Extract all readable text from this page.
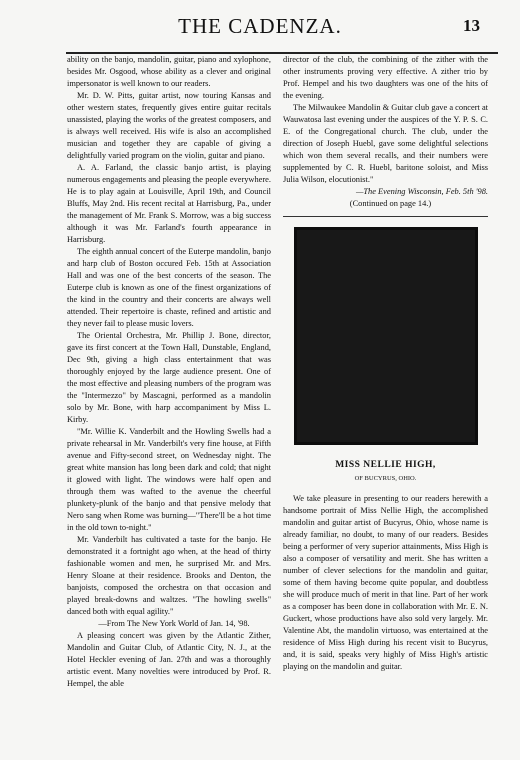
THE CADENZA.	13

ability on the banjo, mandolin, guitar, piano and xylophone, besides Mr. Osgood, whose ability as a clever and original impersonator is well known to our readers.

Mr. D. W. Pitts, guitar artist, now touring Kansas and other western states, frequently gives entire guitar recitals unassisted, playing the works of the greatest composers, and is always well received. His wife is also an accomplished musician and together they are capable of giving a delightfully varied program on the violin, guitar and piano.

A. A. Farland, the classic banjo artist, is playing numerous engagements and pleasing the people everywhere. He is to play again at Louisville, April 19th, and Council Bluffs, May 2nd. His recent recital at Harrisburg, Pa., under the management of Mr. Frank S. Morrow, was a big success although it was Mr. Farland's fourth appearance in Harrisburg.

The eighth annual concert of the Euterpe mandolin, banjo and harp club of Boston occured Feb. 15th at Association Hall and was one of the best concerts of the season. The Euterpe club is known as one of the finest organizations of the kind in the country and their concerts are always well attended. Their repertoire is chaste, refined and artistic and they never fail to please music lovers.

The Oriental Orchestra, Mr. Phillip J. Bone, director, gave its first concert at the Town Hall, Dunstable, England, Dec 9th, giving a high class entertainment that was thoroughly enjoyed by the large audience present. One of the most effective and pleasing numbers of the program was the "Intermezzo" by Mascagni, performed as a mandolin solo by Mr. Bone, with harp accompaniment by Miss L. Kirby.

"Mr. Willie K. Vanderbilt and the Howling Swells had a private rehearsal in Mr. Vanderbilt's very fine house, at Fifth avenue and Fifty-second street, on Wednesday night. The great white mansion has long been dark and cold; that night it glowed with light. The windows were half open and through them was wafted to the avenue the cheerful plunkety-plunk of the banjo and that pensive melody that Nero sang when Rome was burning—"There'll be a hot time in the old town to-night."

Mr. Vanderbilt has cultivated a taste for the banjo. He demonstrated it a fortnight ago when, at the head of thirty fashionable women and men, he surprised Mr. and Mrs. Henry Sloane at their residence. Brooks and Denton, the banjoists, composed the orchestra on that occasion and played break-downs and waltzes. "The howling swells" danced both with equal agility."

—From The New York World of Jan. 14, '98.

A pleasing concert was given by the Atlantic Zither, Mandolin and Guitar Club, of Atlantic City, N. J., at the Hotel Heckler evening of Jan. 27th and was a thoroughly artistic event. Many novelties were introduced by Prof. R. Hempel, the able

director of the club, the combining of the zither with the other instruments proving very effective. A zither trio by Prof. Hempel and his two daughters was one of the hits of the evening.

The Milwaukee Mandolin & Guitar club gave a concert at Wauwatosa last evening under the auspices of the Y. P. S. C. E. of the Congregational church. The club, under the direction of Joseph Huebl, gave some delightful selections which won them several recalls, and their numbers were supplemented by C. R. Huebl, baritone soloist, and Miss Julia Wilson, elocutionist."

—The Evening Wisconsin, Feb. 5th '98.

(Continued on page 14.)

MISS NELLIE HIGH,
OF BUCYRUS, OHIO.

We take pleasure in presenting to our readers herewith a handsome portrait of Miss Nellie High, the accomplished mandolin and guitar artist of Bucyrus, Ohio, whose name is already familiar, no doubt, to many of our readers. Besides being a performer of very superior attainments, Miss High is also a composer of versatility and merit. She has written a number of clever selections for the mandolin and guitar, some of them having become quite popular, and doubtless she will produce much of merit in that line. Part of her work as a composer has been done in collaboration with Mr. E. N. Guckert, whose productions have also sold very largely. Mr. Valentine Abt, the mandolin virtuoso, was entertained at the residence of Miss High during his recent visit to Bucyrus, and, it is said, speaks very highly of Miss High's artistic playing on the mandolin and guitar.
